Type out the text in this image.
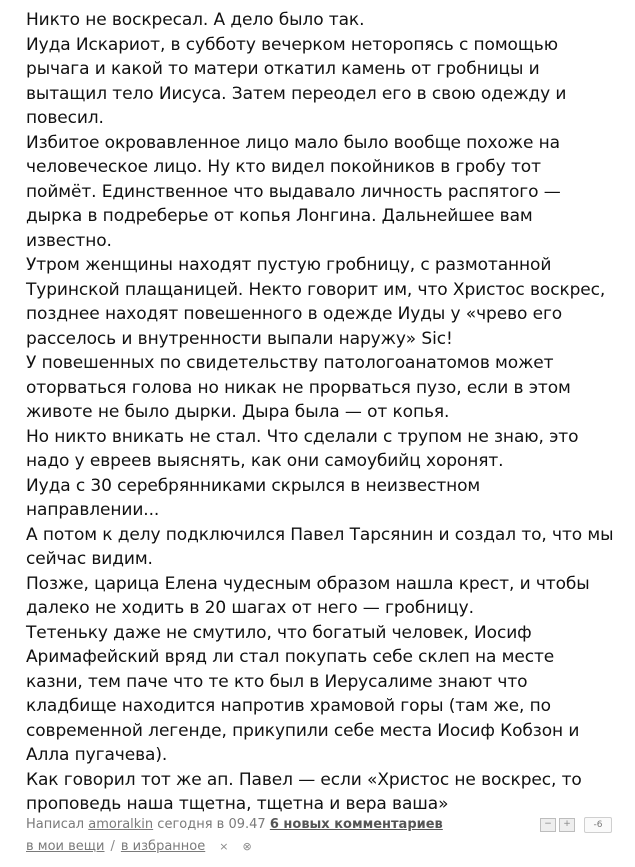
Никто не воскресал. А дело было так.

Иуда Искариот, в субботу вечерком неторопясь с помощью рычага и какой то матери откатил камень от гробницы и вытащил тело Иисуса. Затем переодел его в свою одежду и повесил.

Избитое окровавленное лицо мало было вообще похоже на человеческое лицо. Ну кто видел покойников в гробу тот поймёт. Единственное что выдавало личность распятого — дырка в подреберье от копья Лонгина. Дальнейшее вам известно.

Утром женщины находят пустую гробницу, с размотанной Туринской плащаницей. Некто говорит им, что Христос воскрес, позднее находят повешенного в одежде Иуды у «чрево его расселось и внутренности выпали наружу» Sic!

У повешенных по свидетельству патологоанатомов может оторваться голова но никак не прорваться пузо, если в этом животе не было дырки. Дыра была — от копья.

Но никто вникать не стал. Что сделали с трупом не знаю, это надо у евреев выяснять, как они самоубийц хоронят.

Иуда с 30 серебрянниками скрылся в неизвестном направлении...

А потом к делу подключился Павел Тарсянин и создал то, что мы сейчас видим.

Позже, царица Елена чудесным образом нашла крест, и чтобы далеко не ходить в 20 шагах от него — гробницу.

Тетеньку даже не смутило, что богатый человек, Иосиф Аримафейский вряд ли стал покупать себе склеп на месте казни, тем паче что те кто был в Иерусалиме знают что кладбище находится напротив храмовой горы (там же, по современной легенде, прикупили себе места Иосиф Кобзон и Алла пугачева).

Как говорил тот же ап. Павел — если «Христос не воскрес, то проповедь наша тщетна, тщетна и вера ваша»

Написал amoralkin сегодня в 09.47 6 новых комментариев	−	+	-6
в мои вещи / в избранное × ⊗
